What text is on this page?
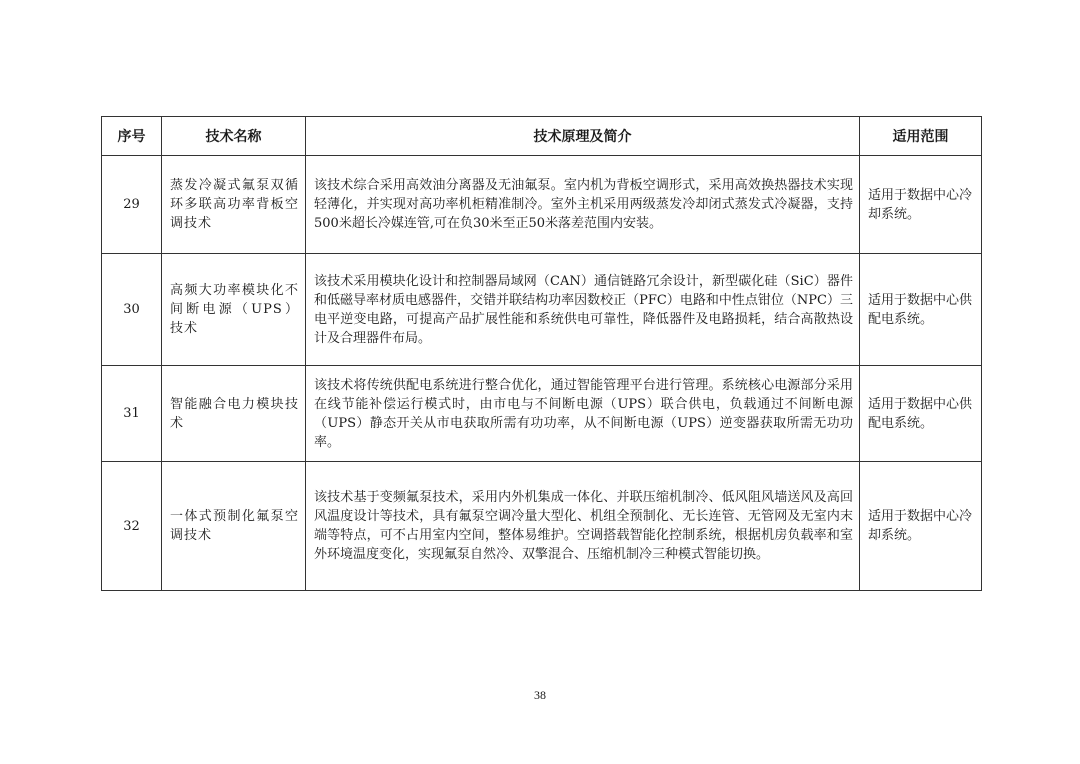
序号	技术名称	技术原理及简介	适用范围
29	蒸发冷凝式氟泵双循环多联高功率背板空调技术	该技术综合采用高效油分离器及无油氟泵。室内机为背板空调形式，采用高效换热器技术实现轻薄化，并实现对高功率机柜精准制冷。室外主机采用两级蒸发冷却闭式蒸发式冷凝器，支持500米超长冷媒连管,可在负30米至正50米落差范围内安装。	适用于数据中心冷却系统。
30	高频大功率模块化不间断电源（UPS）技术	该技术采用模块化设计和控制器局域网（CAN）通信链路冗余设计，新型碳化硅（SiC）器件和低磁导率材质电感器件，交错并联结构功率因数校正（PFC）电路和中性点钳位（NPC）三电平逆变电路，可提高产品扩展性能和系统供电可靠性，降低器件及电路损耗，结合高散热设计及合理器件布局。	适用于数据中心供配电系统。
31	智能融合电力模块技术	该技术将传统供配电系统进行整合优化，通过智能管理平台进行管理。系统核心电源部分采用在线节能补偿运行模式时，由市电与不间断电源（UPS）联合供电，负载通过不间断电源（UPS）静态开关从市电获取所需有功功率，从不间断电源（UPS）逆变器获取所需无功功率。	适用于数据中心供配电系统。
32	一体式预制化氟泵空调技术	该技术基于变频氟泵技术，采用内外机集成一体化、并联压缩机制冷、低风阻风墙送风及高回风温度设计等技术，具有氟泵空调冷量大型化、机组全预制化、无长连管、无管网及无室内末端等特点，可不占用室内空间，整体易维护。空调搭载智能化控制系统，根据机房负载率和室外环境温度变化，实现氟泵自然冷、双擎混合、压缩机制冷三种模式智能切换。	适用于数据中心冷却系统。
38
